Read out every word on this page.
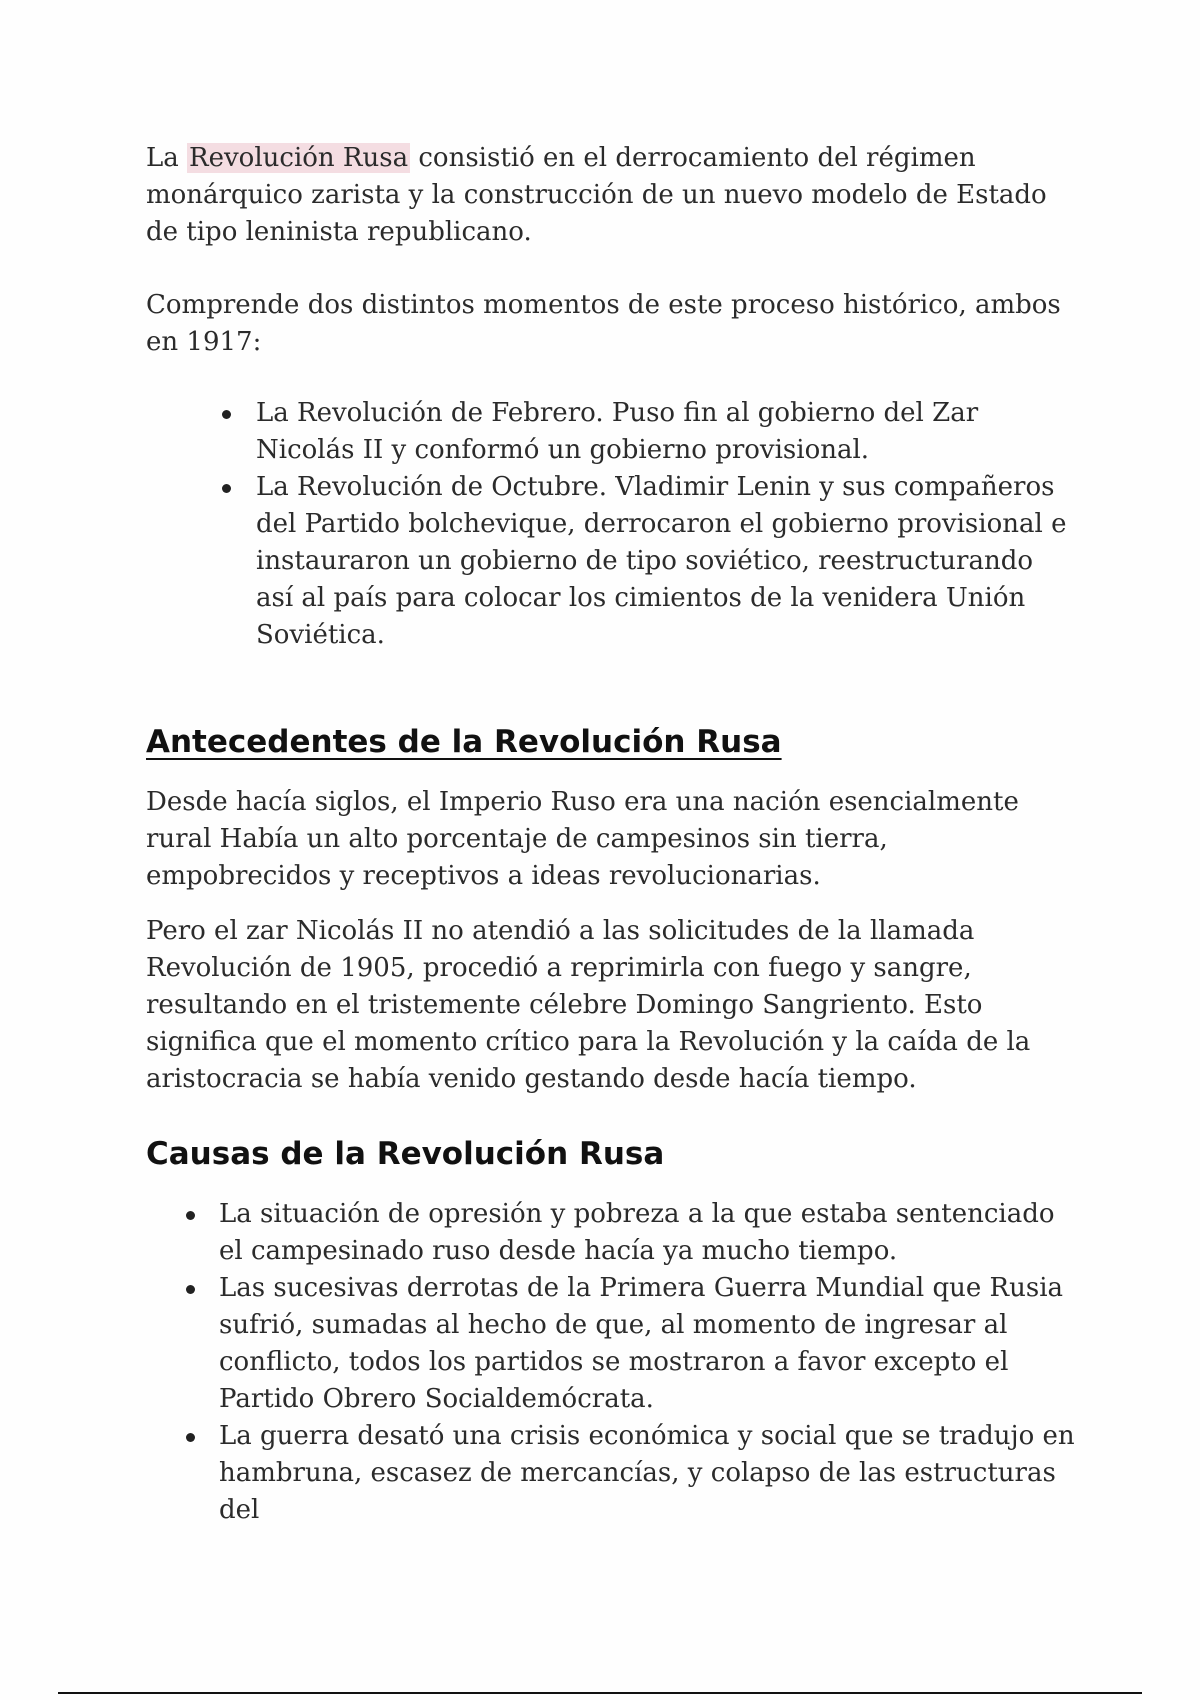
La Revolución Rusa consistió en el derrocamiento del régimen monárquico zarista y la construcción de un nuevo modelo de Estado de tipo leninista republicano.

Comprende dos distintos momentos de este proceso histórico, ambos en 1917:

La Revolución de Febrero. Puso fin al gobierno del Zar Nicolás II y conformó un gobierno provisional.
La Revolución de Octubre. Vladimir Lenin y sus compañeros del Partido bolchevique, derrocaron el gobierno provisional e instauraron un gobierno de tipo soviético, reestructurando así al país para colocar los cimientos de la venidera Unión Soviética.
Antecedentes de la Revolución Rusa

Desde hacía siglos, el Imperio Ruso era una nación esencialmente rural Había un alto porcentaje de campesinos sin tierra, empobrecidos y receptivos a ideas revolucionarias.

Pero el zar Nicolás II no atendió a las solicitudes de la llamada Revolución de 1905, procedió a reprimirla con fuego y sangre, resultando en el tristemente célebre Domingo Sangriento. Esto significa que el momento crítico para la Revolución y la caída de la aristocracia se había venido gestando desde hacía tiempo.

Causas de la Revolución Rusa
La situación de opresión y pobreza a la que estaba sentenciado el campesinado ruso desde hacía ya mucho tiempo.
Las sucesivas derrotas de la Primera Guerra Mundial que Rusia sufrió, sumadas al hecho de que, al momento de ingresar al conflicto, todos los partidos se mostraron a favor excepto el Partido Obrero Socialdemócrata.
La guerra desató una crisis económica y social que se tradujo en hambruna, escasez de mercancías, y colapso de las estructuras del
